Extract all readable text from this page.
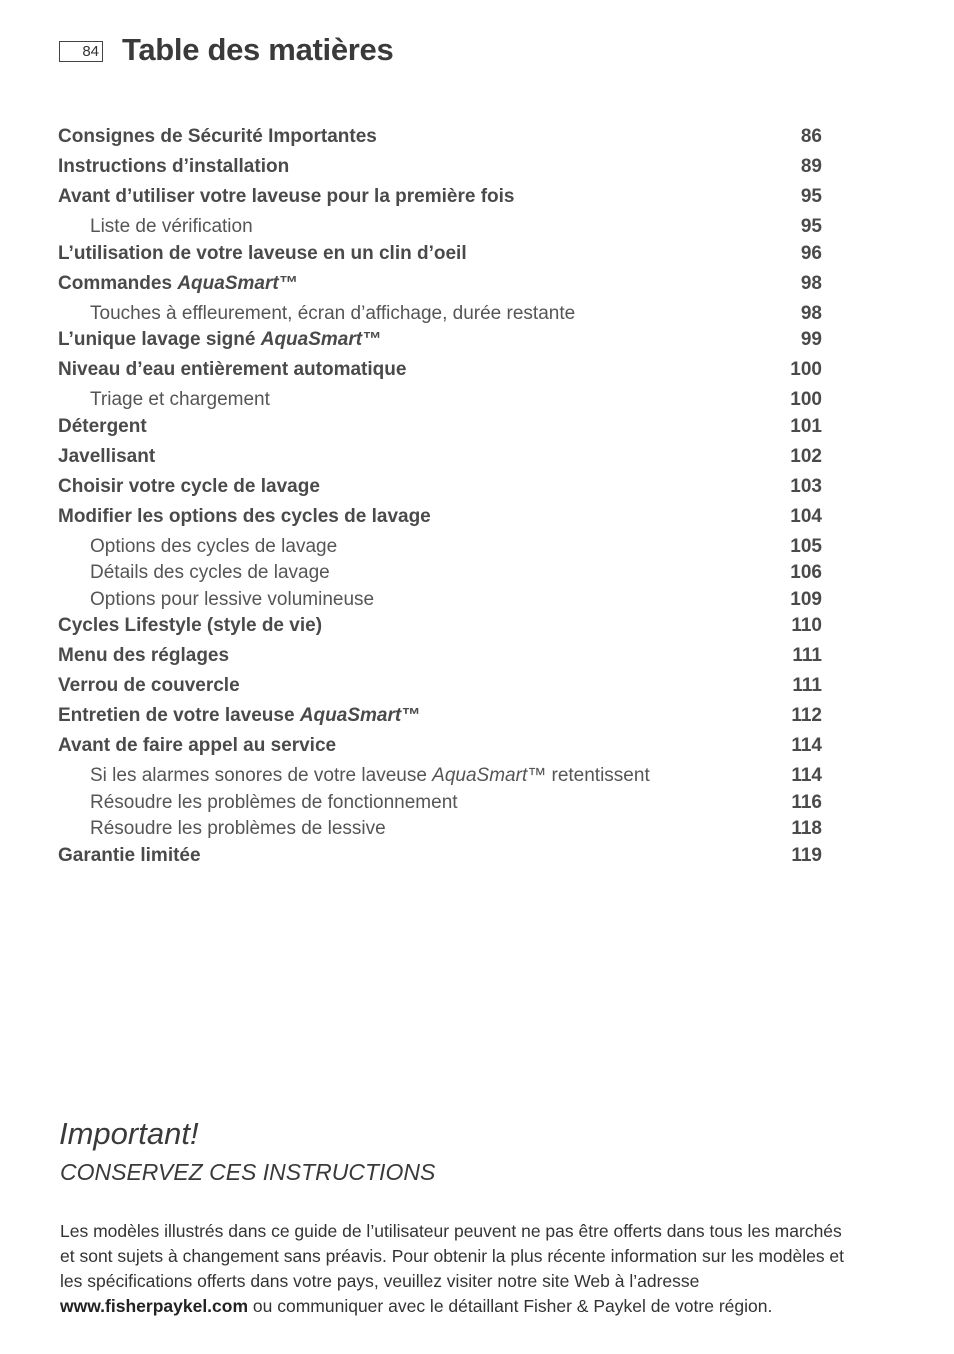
84 Table des matières
Consignes de Sécurité Importantes	86
Instructions d’installation	89
Avant d’utiliser votre laveuse pour la première fois	95
Liste de vérification	95
L’utilisation de votre laveuse en un clin d’oeil	96
Commandes AquaSmart™	98
Touches à effleurement, écran d’affichage, durée restante	98
L’unique lavage signé AquaSmart™	99
Niveau d’eau entièrement automatique	100
Triage et chargement	100
Détergent	101
Javellisant	102
Choisir votre cycle de lavage	103
Modifier les options des cycles de lavage	104
Options des cycles de lavage	105
Détails des cycles de lavage	106
Options pour lessive volumineuse	109
Cycles Lifestyle (style de vie)	110
Menu des réglages	111
Verrou de couvercle	111
Entretien de votre laveuse AquaSmart™	112
Avant de faire appel au service	114
Si les alarmes sonores de votre laveuse AquaSmart™ retentissent	114
Résoudre les problèmes de fonctionnement	116
Résoudre les problèmes de lessive	118
Garantie limitée	119
Important!
CONSERVEZ CES INSTRUCTIONS

Les modèles illustrés dans ce guide de l’utilisateur peuvent ne pas être offerts dans tous les marchés et sont sujets à changement sans préavis. Pour obtenir la plus récente information sur les modèles et les spécifications offerts dans votre pays, veuillez visiter notre site Web à l’adresse www.fisherpaykel.com ou communiquer avec le détaillant Fisher & Paykel de votre région.
